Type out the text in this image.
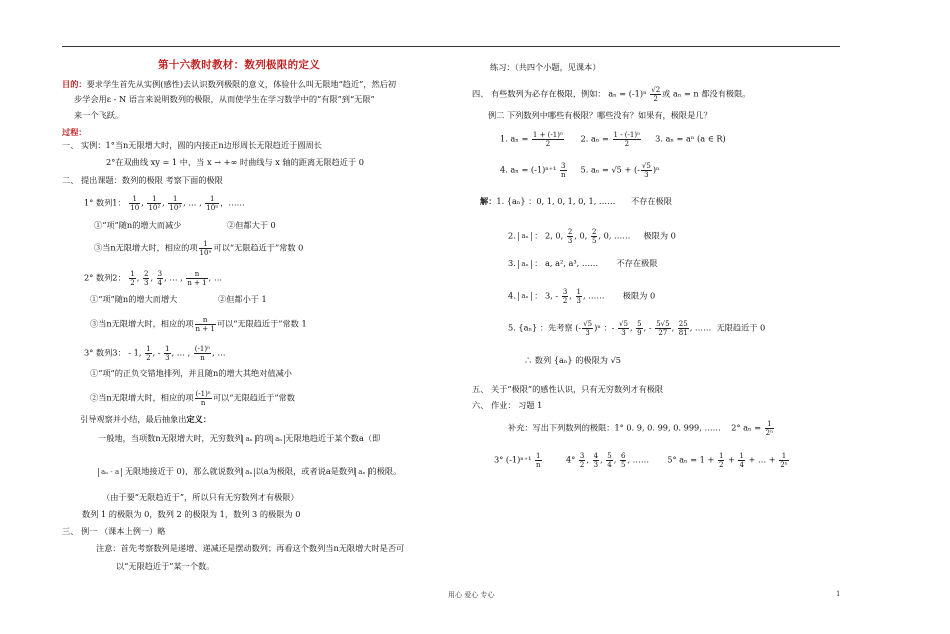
第十六教时教材：数列极限的定义
目的：要求学生首先从实例(感性)去认识数列极限的意义，体验什么叫无限地“趋近”，然后初
步学会用ε - N 语言来说明数列的极限，从而使学生在学习数学中的“有限”到“无限”
来一个飞跃。
过程：
一、 实例：1°当n无限增大时，圆的内接正n边形周长无限趋近于圆周长
2°在双曲线 xy = 1 中，当 x → +∞ 时曲线与 x 轴的距离无限趋近于 0
二、 提出课题：数列的极限 考察下面的极限
1° 数列1： $\frac{1}{10}$ , $\frac{1}{\text{10²}}$ , $\frac{1}{\text{10³}}$ , … , $\frac{1}{\text{10ⁿ}}$ ，……
①“项”随n的增大而减少	②但都大于 0
③当n无限增大时，相应的项 $\frac{1}{\text{10ⁿ}}$ 可以“无限趋近于”常数 0
2° 数列2： $\frac{1}{2}$ , $\frac{2}{3}$ , $\frac{3}{4}$ , … , $\frac{n}{n + 1}$ , …
①“项”随n的增大而增大	②但都小于 1
③当n无限增大时，相应的项 $\frac{n}{n + 1}$ 可以“无限趋近于”常数 1
3° 数列3： - 1, $\frac{1}{2}$ , - $\frac{1}{3}$ , … , $\frac{\text{(-1)ⁿ}}{n}$ , …
①“项”的正负交错地排列，并且随n的增大其绝对值减小
②当n无限增大时，相应的项 $\frac{\text{(-1)ⁿ}}{n}$ 可以“无限趋近于”常数
引导观察并小结，最后抽象出定义：
一般地，当项数n无限增大时，无穷数列 aₙ 的项 aₙ 无限地趋近于某个数a（即
aₙ - a 无限地接近于 0)，那么就说数列 aₙ 以a为极限，或者说a是数列 aₙ 的极限。
（由于要“无限趋近于”，所以只有无穷数列才有极限）
数列 1 的极限为 0，数列 2 的极限为 1，数列 3 的极限为 0
三、 例一 （课本上例一）略
注意：首先考察数列是递增、递减还是摆动数列；再看这个数列当n无限增大时是否可
以“无限趋近于”某一个数。
练习：（共四个小题，见课本）
四、 有些数列为必存在极限，例如： $a_n = (-1)^n \frac{√2}{2}$ 或 aₙ = n 都没有极限。
例二 下列数列中哪些有极限？哪些没有？如果有，极限是几？
1. $a_n = \frac{\text{1 + (-1)ⁿ}}{2} 2$. $a_n = \frac{\text{1 - (-1)ⁿ}}{2} 3$. aₙ = aⁿ (a ∈ R)
4. $a_n = (-1)^{n+1} \frac{3}{n} 5$. aₙ = √5 + (- $\frac{√5}{3} )^n$
解：1. {aₙ} ：0, 1, 0, 1, 0, 1, …… 不存在极限
2. aₙ ： 2, 0, $\frac{2}{3}$ , 0, $\frac{2}{5}$ , 0, ……     极限为 0
3. aₙ ： a, a², a³, ……       不存在极限
4. aₙ ： 3, - $\frac{3}{2}$ , $\frac{1}{3}$ , ……       极限为 0
5. {aₙ} ：先考察 (- $\frac{√5}{3} )^n$ ：- $\frac{√5}{3}$ , $\frac{5}{9}$ , - $\frac{5√5}{27}$ , $\frac{25}{81}$ , ……  无限趋近于 0
∴ 数列 {aₙ} 的极限为 √5
五、 关于“极限”的感性认识，只有无穷数列才有极限
六、 作业： 习题 1
补充：写出下列数列的极限：1° 0. 9, 0. 99, 0. 999, …… 2° $a_n = \frac{1}{\text{2ⁿ}}$
3° $(-1)^{n+1} \frac{1}{n}$	$4^\circ \frac{3}{2}$ , $\frac{4}{3}$ , $\frac{5}{4}$ , $\frac{6}{5}$ , ……       5° $a_n = 1 + \frac{1}{2} + \frac{1}{4}$ + … + $\frac{1}{\text{2ⁿ}}$
用心 爱心 专心	1
